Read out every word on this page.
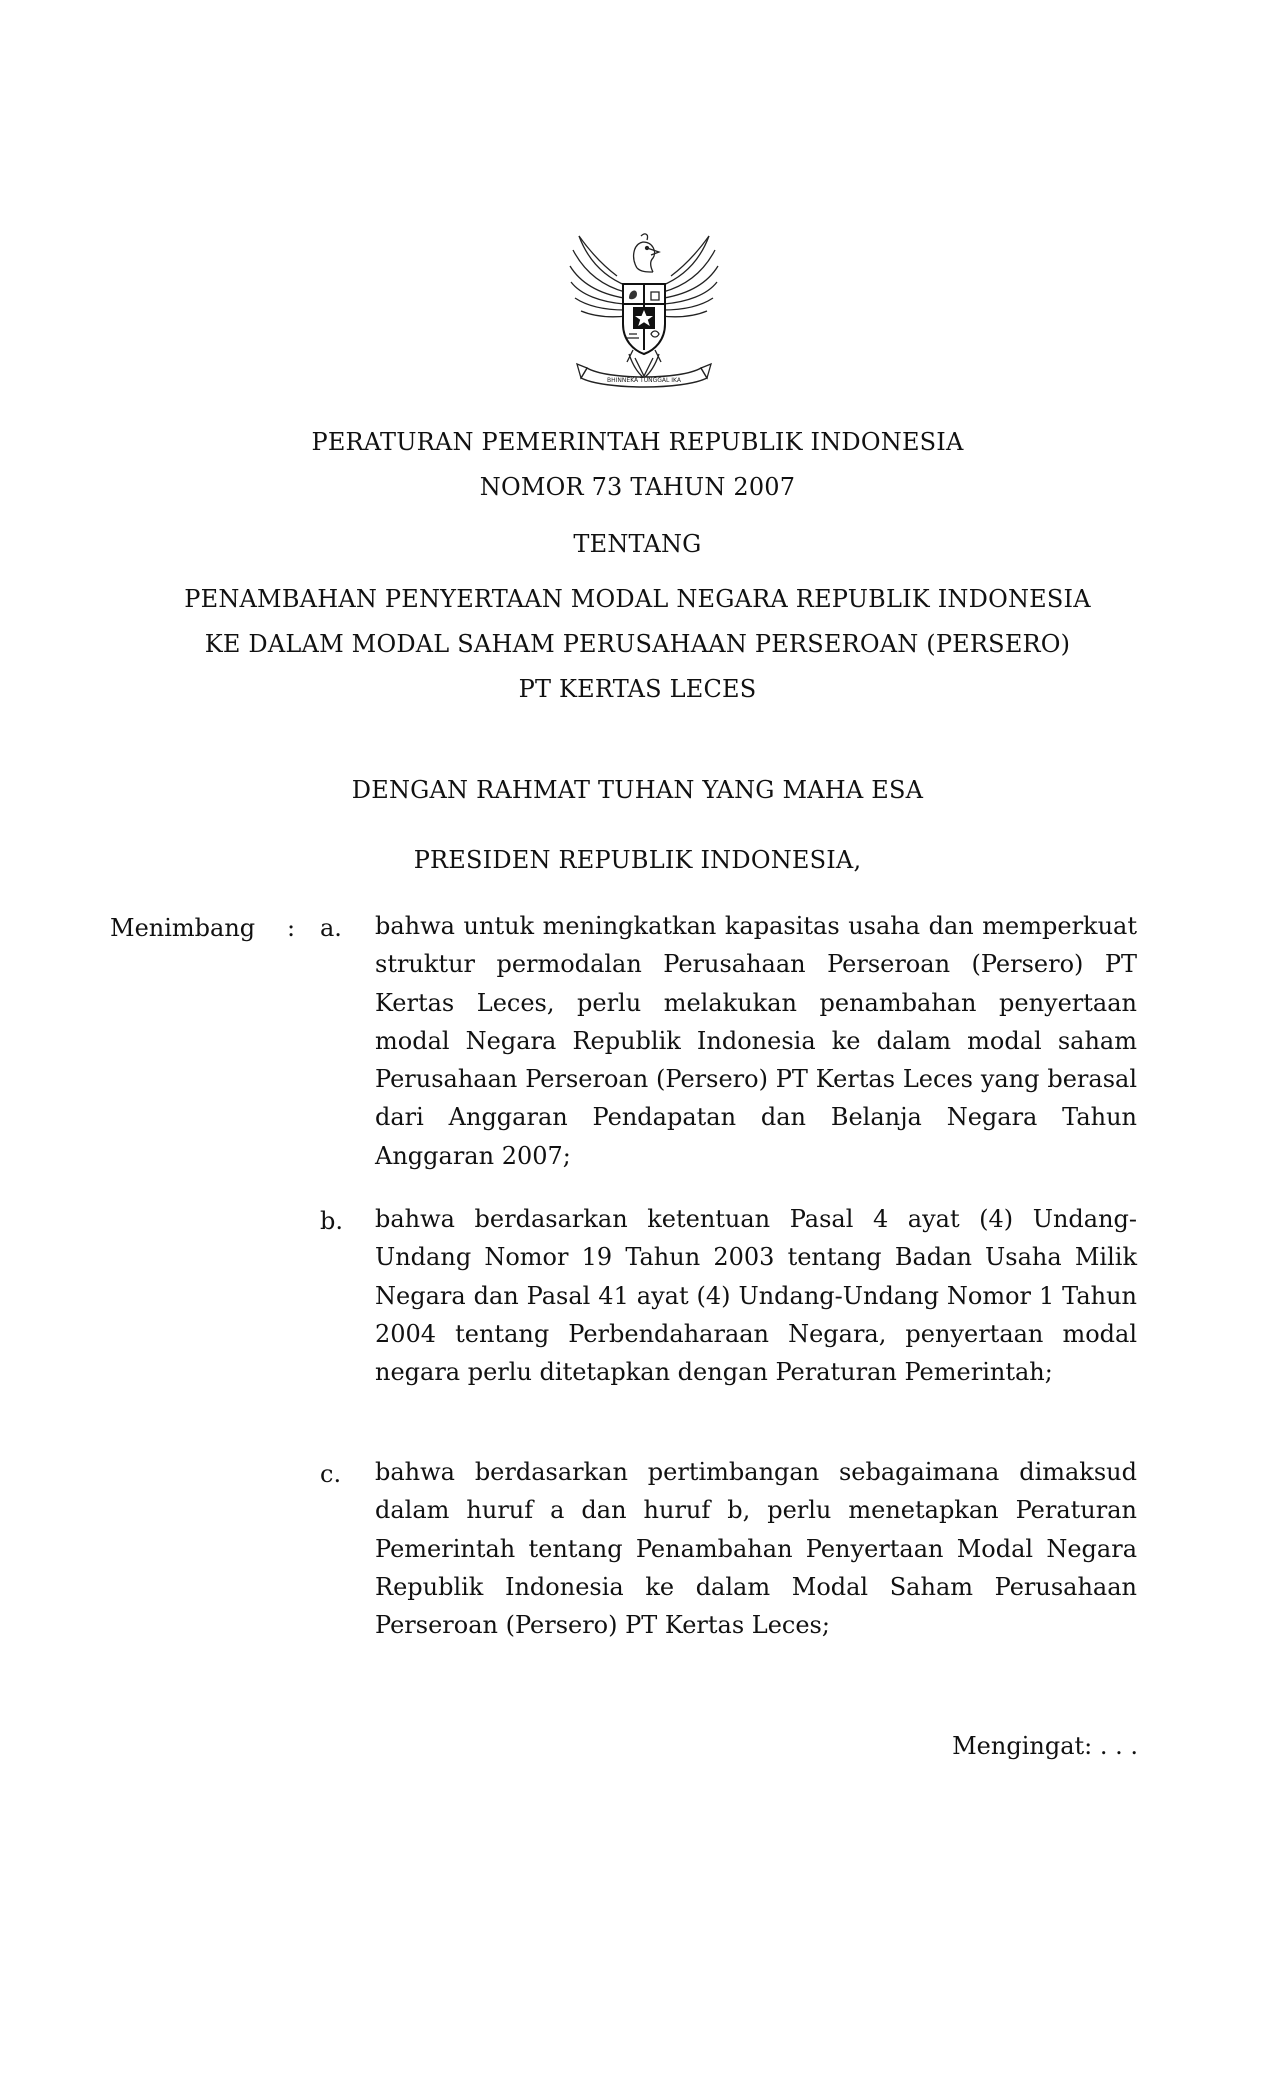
BHINNEKA TUNGGAL IKA
PERATURAN PEMERINTAH REPUBLIK INDONESIA
NOMOR 73 TAHUN 2007
TENTANG
PENAMBAHAN PENYERTAAN MODAL NEGARA REPUBLIK INDONESIA
KE DALAM MODAL SAHAM PERUSAHAAN PERSEROAN (PERSERO)
PT KERTAS LECES
DENGAN RAHMAT TUHAN YANG MAHA ESA
PRESIDEN REPUBLIK INDONESIA,
Menimbang : a. bahwa untuk meningkatkan kapasitas usaha dan memperkuat struktur permodalan Perusahaan Perseroan (Persero) PT Kertas Leces, perlu melakukan penambahan penyertaan modal Negara Republik Indonesia ke dalam modal saham Perusahaan Perseroan (Persero) PT Kertas Leces yang berasal dari Anggaran Pendapatan dan Belanja Negara Tahun Anggaran 2007;

b. bahwa berdasarkan ketentuan Pasal 4 ayat (4) Undang-Undang Nomor 19 Tahun 2003 tentang Badan Usaha Milik Negara dan Pasal 41 ayat (4) Undang-Undang Nomor 1 Tahun 2004 tentang Perbendaharaan Negara, penyertaan modal negara perlu ditetapkan dengan Peraturan Pemerintah;

c. bahwa berdasarkan pertimbangan sebagaimana dimaksud dalam huruf a dan huruf b, perlu menetapkan Peraturan Pemerintah tentang Penambahan Penyertaan Modal Negara Republik Indonesia ke dalam Modal Saham Perusahaan Perseroan (Persero) PT Kertas Leces;

Mengingat: . . .
